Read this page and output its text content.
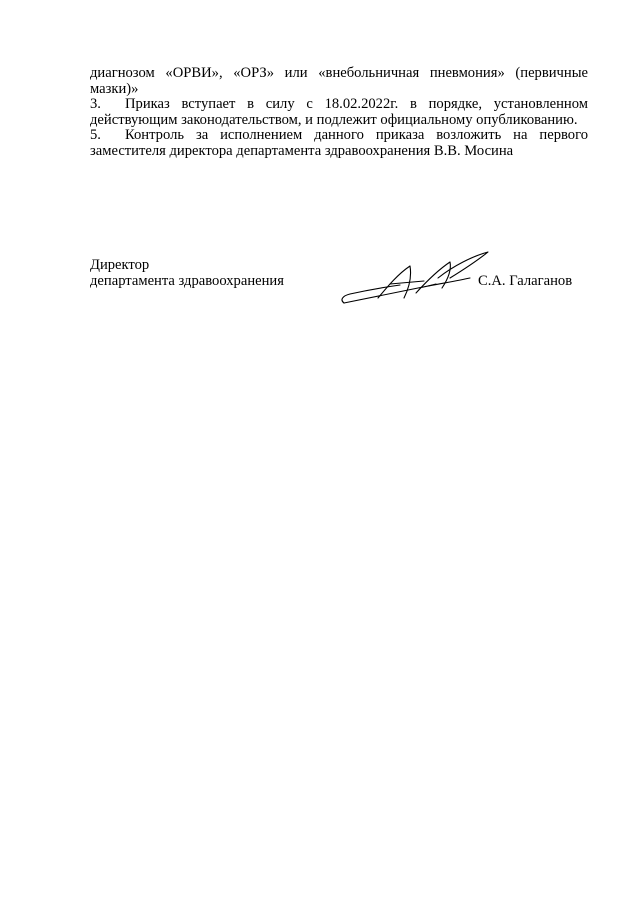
диагнозом «ОРВИ», «ОРЗ» или «внебольничная пневмония» (первичные мазки)»

3. Приказ вступает в силу с 18.02.2022г. в порядке, установленном действующим законодательством, и подлежит официальному опубликованию.

5. Контроль за исполнением данного приказа возложить на первого заместителя директора департамента здравоохранения В.В. Мосина

Директор
департамента здравоохранения	С.А. Галаганов
